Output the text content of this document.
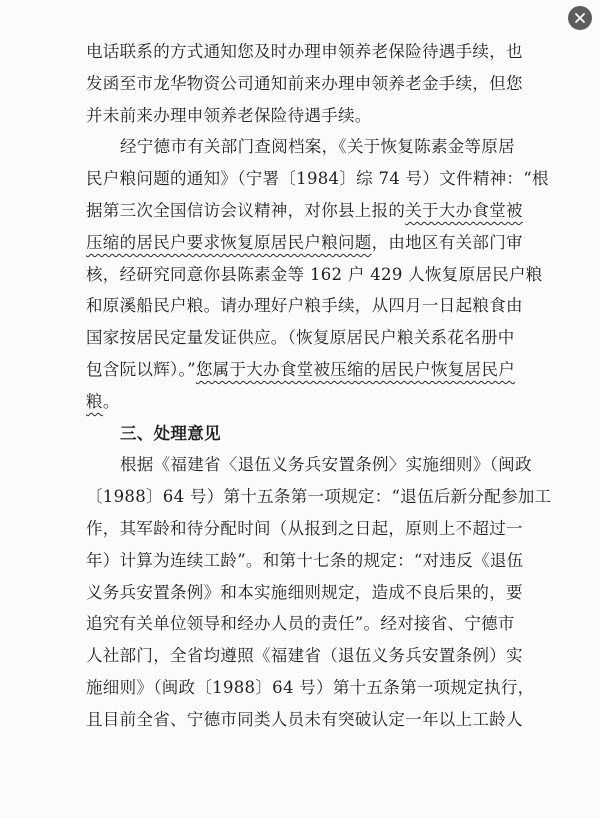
电话联系的方式通知您及时办理申领养老保险待遇手续，也
发函至市龙华物资公司通知前来办理申领养老金手续，但您
并未前来办理申领养老保险待遇手续。
经宁德市有关部门查阅档案，《关于恢复陈素金等原居
民户粮问题的通知》（宁署〔1984〕综 74 号）文件精神：“根
据第三次全国信访会议精神，对你县上报的关于大办食堂被
压缩的居民户要求恢复原居民户粮问题，由地区有关部门审
核，经研究同意你县陈素金等 162 户 429 人恢复原居民户粮
和原溪船民户粮。请办理好户粮手续，从四月一日起粮食由
国家按居民定量发证供应。（恢复原居民户粮关系花名册中
包含阮以辉）。”您属于大办食堂被压缩的居民户恢复居民户
粮。
三、处理意见
根据《福建省〈退伍义务兵安置条例〉实施细则》（闽政
〔1988〕64 号）第十五条第一项规定：“退伍后新分配参加工
作，其军龄和待分配时间（从报到之日起，原则上不超过一
年）计算为连续工龄”。和第十七条的规定：“对违反《退伍
义务兵安置条例》和本实施细则规定，造成不良后果的，要
追究有关单位领导和经办人员的责任”。经对接省、宁德市
人社部门，全省均遵照《福建省（退伍义务兵安置条例）实
施细则》（闽政〔1988〕64 号）第十五条第一项规定执行，
且目前全省、宁德市同类人员未有突破认定一年以上工龄人
